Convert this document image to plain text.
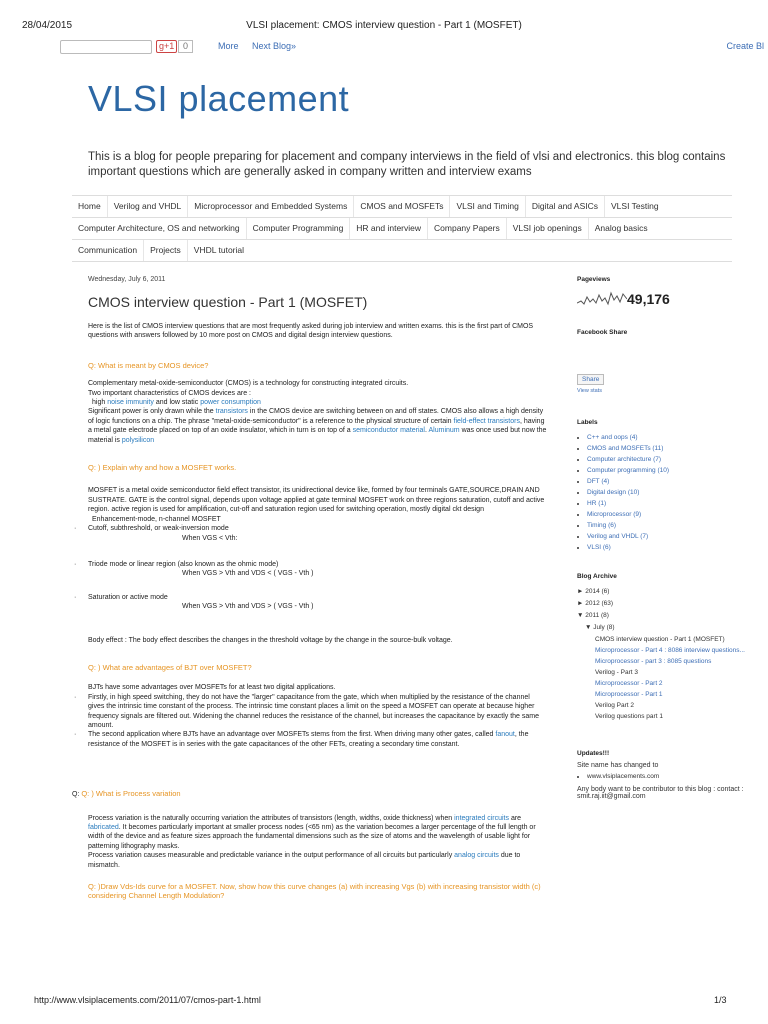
28/04/2015	VLSI placement: CMOS interview question - Part 1 (MOSFET)
g+1 0	More Next Blog»	Create Bl
VLSI placement
This is a blog for people preparing for placement and company interviews in the field of vlsi and electronics. this blog contains important questions which are generally asked in company written and interview exams
Home	Verilog and VHDL	Microprocessor and Embedded Systems	CMOS and MOSFETs	VLSI and Timing	Digital and ASICs	VLSI Testing
Computer Architecture, OS and networking	Computer Programming	HR and interview	Company Papers	VLSI job openings	Analog basics
Communication	Projects	VHDL tutorial
Wednesday, July 6, 2011
CMOS interview question - Part 1 (MOSFET)

Here is the list of CMOS interview questions that are most frequently asked during job interview and written exams. this is the first part of CMOS questions with answers followed by 10 more post on CMOS and digital design interview questions.

Q: What is meant by CMOS device?

Complementary metal-oxide-semiconductor (CMOS) is a technology for constructing integrated circuits.

Two important characteristics of CMOS devices are :

high noise immunity and low static power consumption

Significant power is only drawn while the transistors in the CMOS device are switching between on and off states. CMOS also allows a high density of logic functions on a chip. The phrase "metal-oxide-semiconductor" is a reference to the physical structure of certain field-effect transistors, having a metal gate electrode placed on top of an oxide insulator, which in turn is on top of a semiconductor material. Aluminum was once used but now the material is polysilicon

Q: ) Explain why and how a MOSFET works.

MOSFET is a metal oxide semiconductor field effect transistor, its unidirectional device like, formed by four terminals GATE,SOURCE,DRAIN AND SUSTRATE. GATE is the control signal, depends upon voltage applied at gate terminal MOSFET work on three regions saturation, cutoff and active region. active region is used for amplification, cut-off and saturation region used for switching operation, mostly digital ckt design

Enhancement-mode, n-channel MOSFET

· Cutoff, subthreshold, or weak-inversion mode

When VGS < Vth:

· Triode mode or linear region (also known as the ohmic mode)

When VGS > Vth and VDS < ( VGS - Vth )

· Saturation or active mode

When VGS > Vth and VDS > ( VGS - Vth )

Body effect : The body effect describes the changes in the threshold voltage by the change in the source-bulk voltage.

Q: ) What are advantages of BJT over MOSFET?

BJTs have some advantages over MOSFETs for at least two digital applications.

· Firstly, in high speed switching, they do not have the "larger" capacitance from the gate, which when multiplied by the resistance of the channel gives the intrinsic time constant of the process. The intrinsic time constant places a limit on the speed a MOSFET can operate at because higher frequency signals are filtered out. Widening the channel reduces the resistance of the channel, but increases the capacitance by exactly the same amount.

· The second application where BJTs have an advantage over MOSFETs stems from the first. When driving many other gates, called fanout, the resistance of the MOSFET is in series with the gate capacitances of the other FETs, creating a secondary time constant.

Q: Q: ) What is Process variation

Process variation is the naturally occurring variation the attributes of transistors (length, widths, oxide thickness) when integrated circuits are fabricated. It becomes particularly important at smaller process nodes (<65 nm) as the variation becomes a larger percentage of the full length or width of the device and as feature sizes approach the fundamental dimensions such as the size of atoms and the wavelength of usable light for patterning lithography masks.

Process variation causes measurable and predictable variance in the output performance of all circuits but particularly analog circuits due to mismatch.

Q: )Draw Vds-Ids curve for a MOSFET. Now, show how this curve changes (a) with increasing Vgs (b) with increasing transistor width (c) considering Channel Length Modulation?

Pageviews
49,176
Facebook Share
Share
View stats
Labels
• C++ and oops (4)
• CMOS and MOSFETs (11)
• Computer architecture (7)
• Computer programming (10)
• DFT (4)
• Digital design (10)
• HR (1)
• Microprocessor (9)
• Timing (6)
• Verilog and VHDL (7)
• VLSI (6)
Blog Archive
► 2014 (6)
► 2012 (63)
▼ 2011 (8)
▼ July (8)
CMOS interview question - Part 1 (MOSFET)
Microprocessor - Part 4 : 8086 interview questions...
Microprocessor - part 3 : 8085 questions
Verilog - Part 3
Microprocessor - Part 2
Microprocessor - Part 1
Verilog Part 2
Verilog questions part 1
Updates!!!
Site name has changed to
• www.vlsiplacements.com
Any body want to be contributor to this blog : contact :
smit.raj.iit@gmail.com
http://www.vlsiplacements.com/2011/07/cmos-part-1.html	1/3
